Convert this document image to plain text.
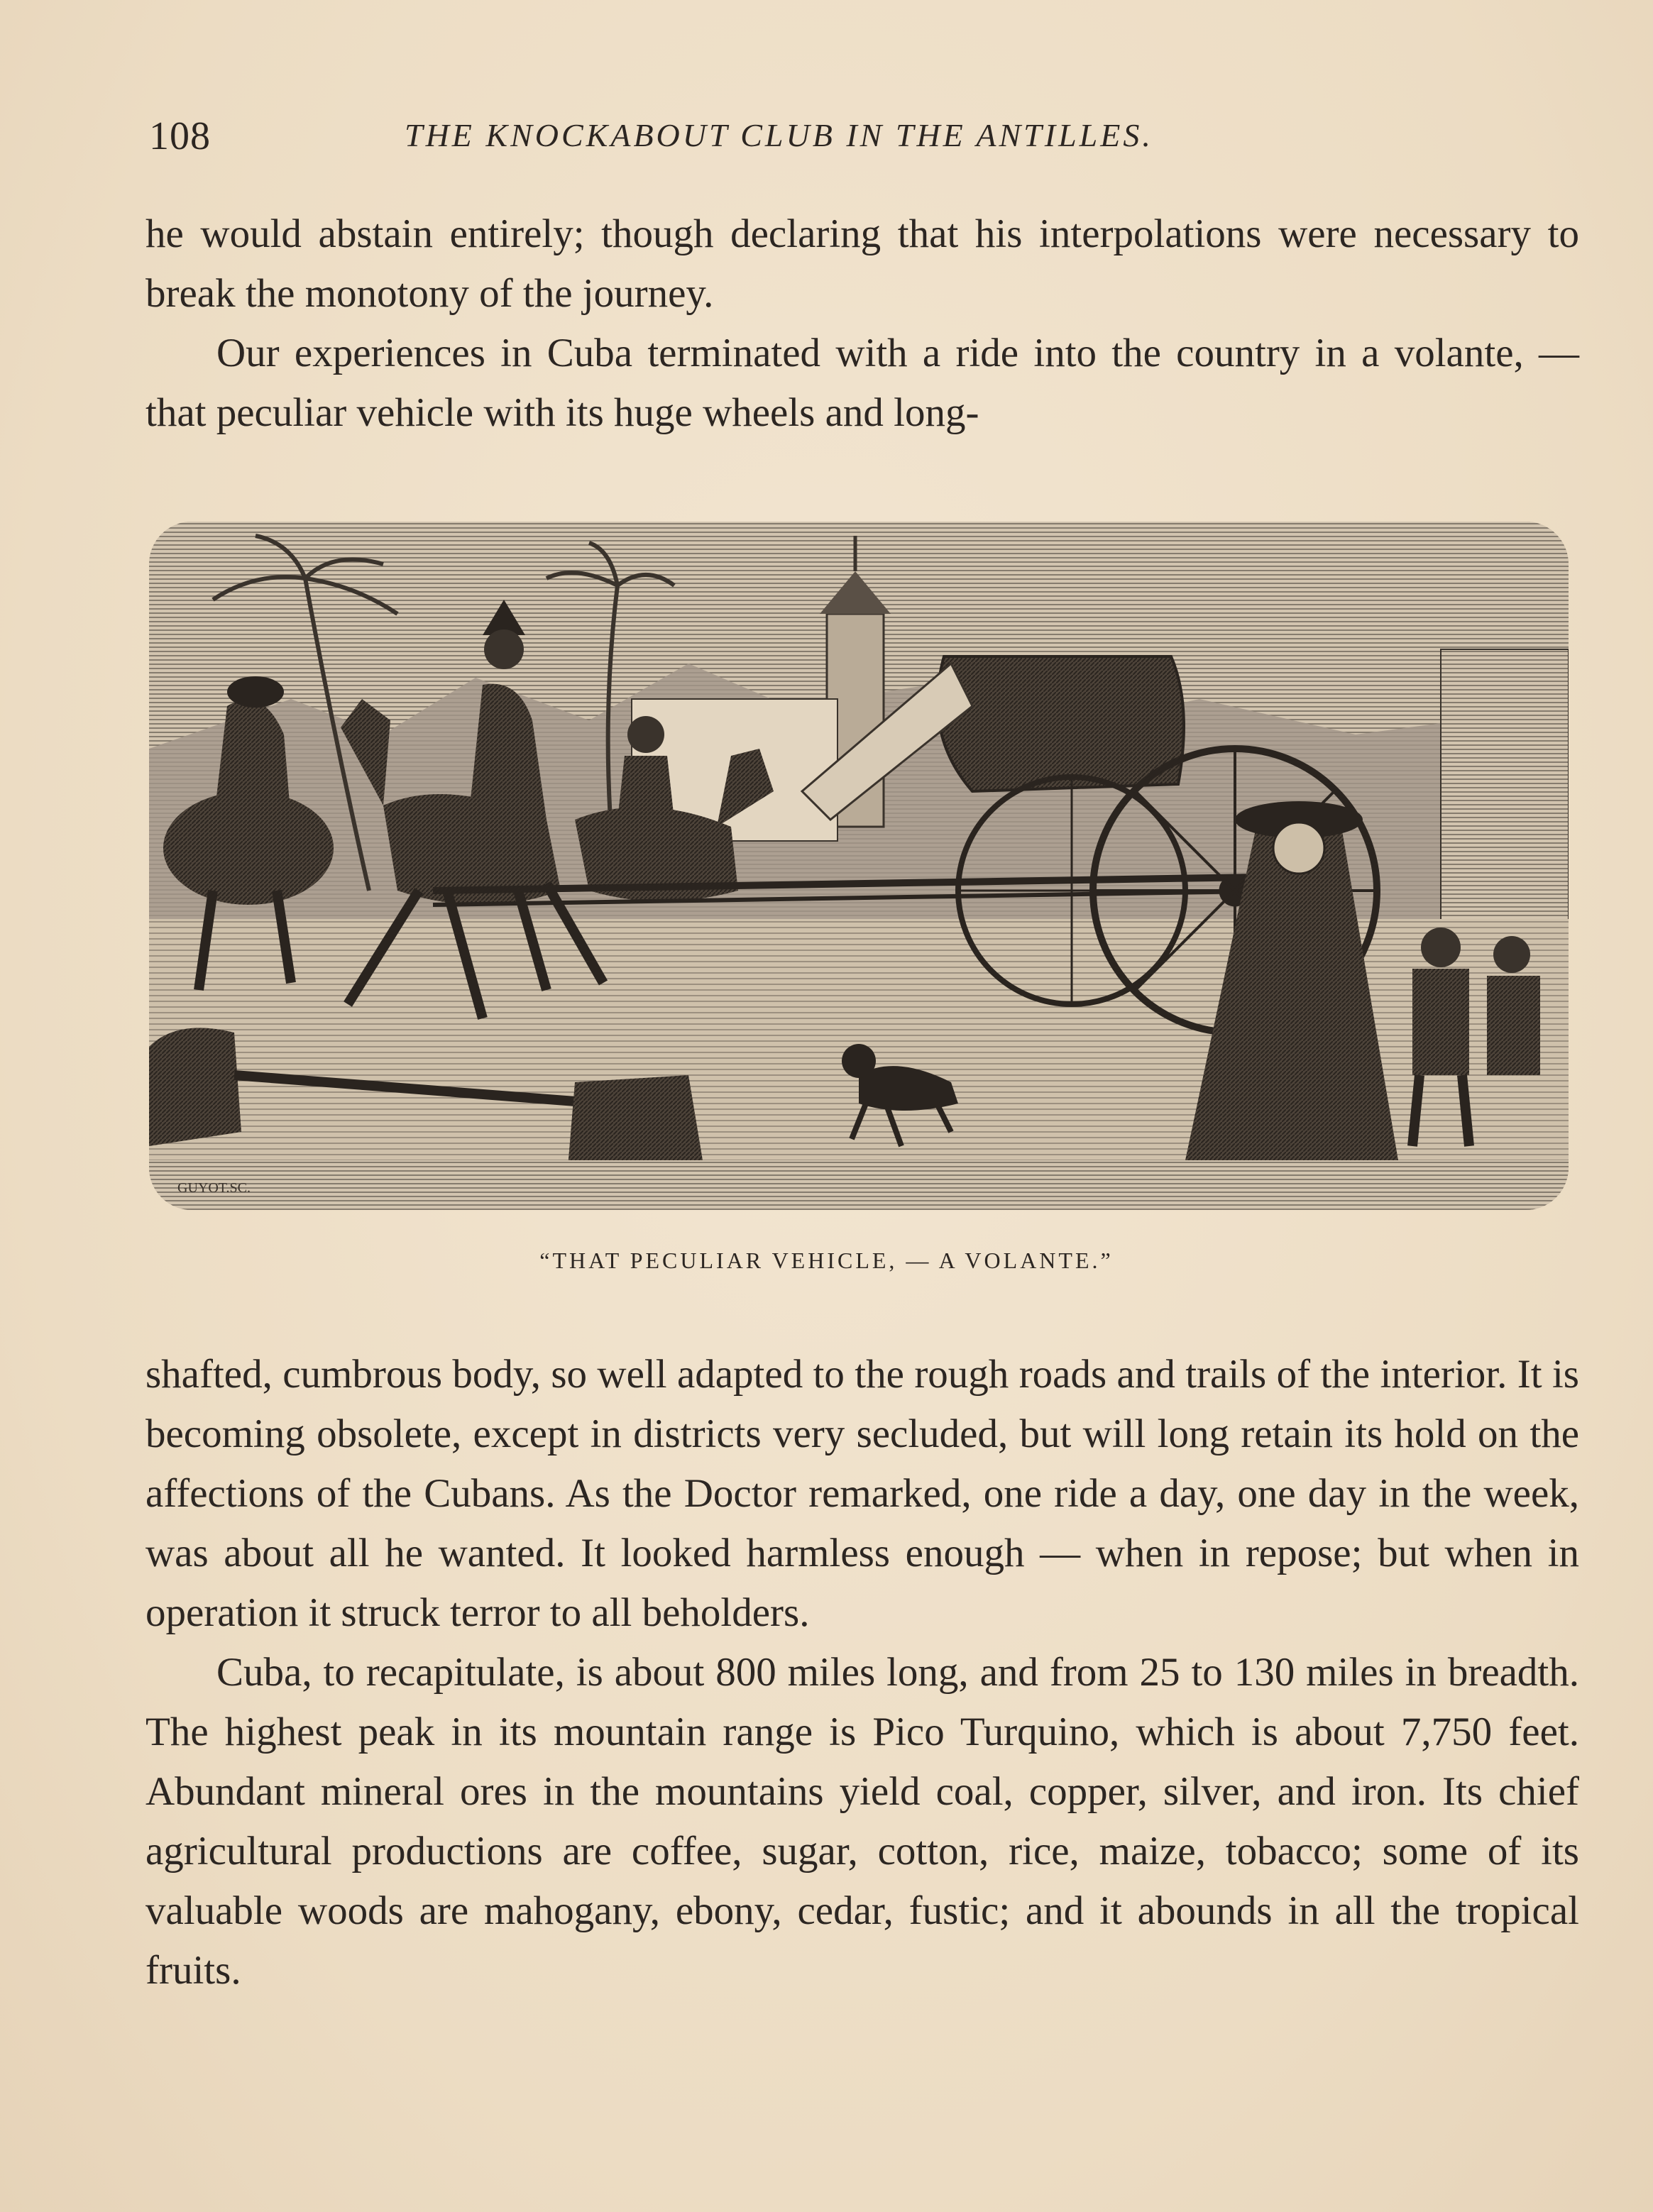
108	THE KNOCKABOUT CLUB IN THE ANTILLES.

he would abstain entirely; though declaring that his interpolations were necessary to break the monotony of the journey.

Our experiences in Cuba terminated with a ride into the country in a volante, — that peculiar vehicle with its huge wheels and long-

GUYOT.SC.
“THAT PECULIAR VEHICLE, — A VOLANTE.”

shafted, cumbrous body, so well adapted to the rough roads and trails of the interior. It is becoming obsolete, except in districts very secluded, but will long retain its hold on the affections of the Cubans. As the Doctor remarked, one ride a day, one day in the week, was about all he wanted. It looked harmless enough — when in repose; but when in operation it struck terror to all beholders.

Cuba, to recapitulate, is about 800 miles long, and from 25 to 130 miles in breadth. The highest peak in its mountain range is Pico Turquino, which is about 7,750 feet. Abundant mineral ores in the mountains yield coal, copper, silver, and iron. Its chief agricultural productions are coffee, sugar, cotton, rice, maize, tobacco; some of its valuable woods are mahogany, ebony, cedar, fustic; and it abounds in all the tropical fruits.
